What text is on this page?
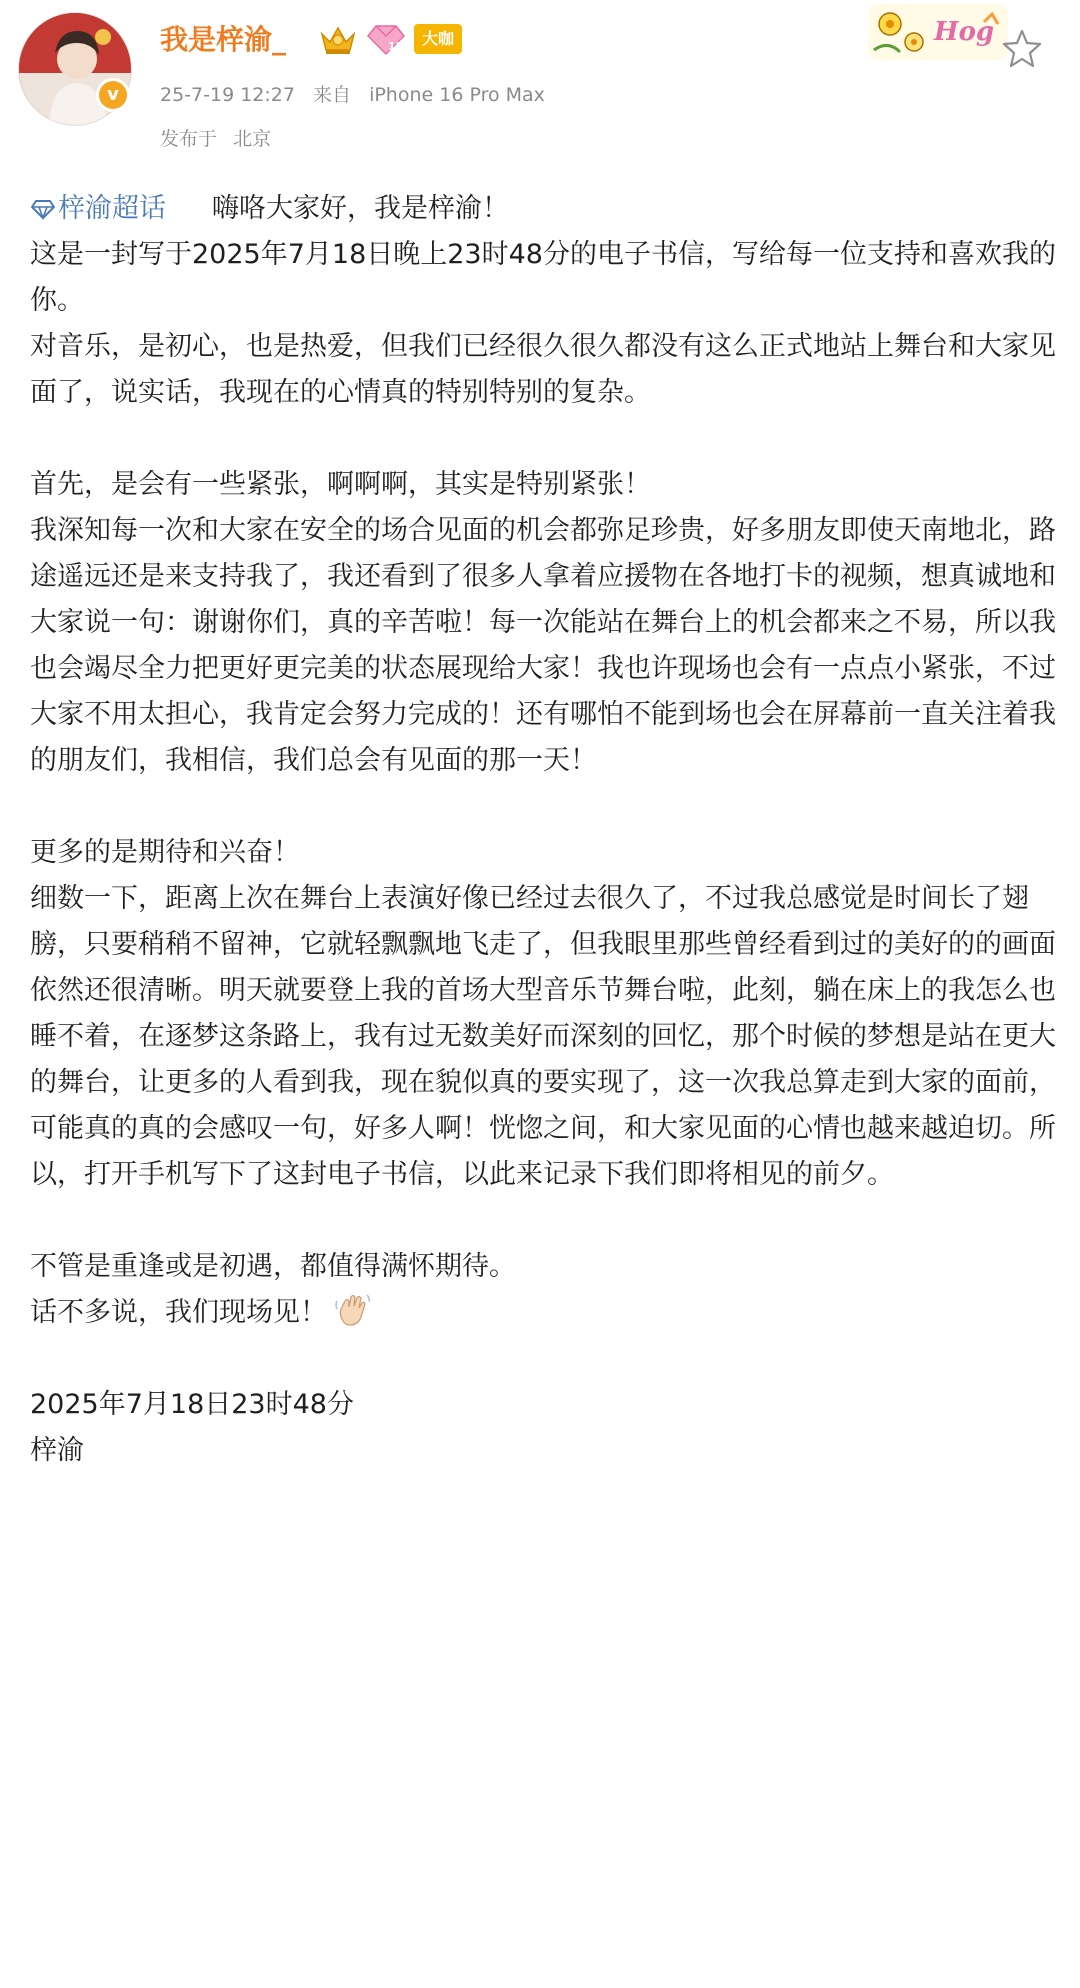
v
我是梓渝_	12	大咖
25-7-19 12:27 来自 iPhone 16 Pro Max
发布于 北京
Hog

梓渝超话 嗨咯大家好，我是梓渝！

这是一封写于2025年7月18日晚上23时48分的电子书信，写给每一位支持和喜欢我的你。

对音乐，是初心，也是热爱，但我们已经很久很久都没有这么正式地站上舞台和大家见面了，说实话，我现在的心情真的特别特别的复杂。

首先，是会有一些紧张，啊啊啊，其实是特别紧张！

我深知每一次和大家在安全的场合见面的机会都弥足珍贵，好多朋友即使天南地北，路途遥远还是来支持我了，我还看到了很多人拿着应援物在各地打卡的视频，想真诚地和大家说一句：谢谢你们，真的辛苦啦！每一次能站在舞台上的机会都来之不易，所以我也会竭尽全力把更好更完美的状态展现给大家！我也许现场也会有一点点小紧张，不过大家不用太担心，我肯定会努力完成的！还有哪怕不能到场也会在屏幕前一直关注着我的朋友们，我相信，我们总会有见面的那一天！

更多的是期待和兴奋！

细数一下，距离上次在舞台上表演好像已经过去很久了，不过我总感觉是时间长了翅膀，只要稍稍不留神，它就轻飘飘地飞走了，但我眼里那些曾经看到过的美好的的画面依然还很清晰。明天就要登上我的首场大型音乐节舞台啦，此刻，躺在床上的我怎么也睡不着，在逐梦这条路上，我有过无数美好而深刻的回忆，那个时候的梦想是站在更大的舞台，让更多的人看到我，现在貌似真的要实现了，这一次我总算走到大家的面前，可能真的真的会感叹一句，好多人啊！恍惚之间，和大家见面的心情也越来越迫切。所以，打开手机写下了这封电子书信，以此来记录下我们即将相见的前夕。

不管是重逢或是初遇，都值得满怀期待。

话不多说，我们现场见！

2025年7月18日23时48分

梓渝
